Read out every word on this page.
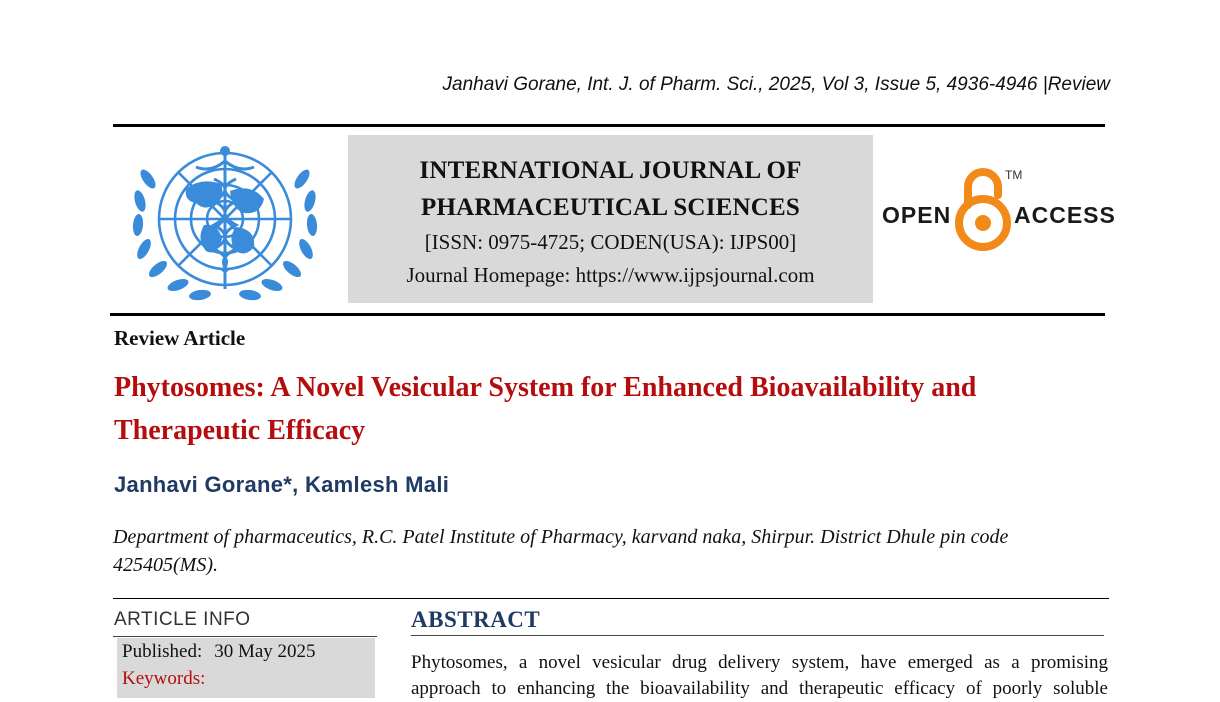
Janhavi Gorane, Int. J. of Pharm. Sci., 2025, Vol 3, Issue 5, 4936-4946 |Review
INTERNATIONAL JOURNAL OF
PHARMACEUTICAL SCIENCES
[ISSN: 0975-4725; CODEN(USA): IJPS00]
Journal Homepage: https://www.ijpsjournal.com
OPEN
TM
ACCESS
Review Article
Phytosomes: A Novel Vesicular System for Enhanced Bioavailability and
Therapeutic Efficacy
Janhavi Gorane*, Kamlesh Mali
Department of pharmaceutics, R.C. Patel Institute of Pharmacy, karvand naka, Shirpur. District Dhule pin code
425405(MS).
ARTICLE INFO
Published: 30 May 2025
Keywords:
ABSTRACT
Phytosomes, a novel vesicular drug delivery system, have emerged as a promising
approach to enhancing the bioavailability and therapeutic efficacy of poorly soluble
